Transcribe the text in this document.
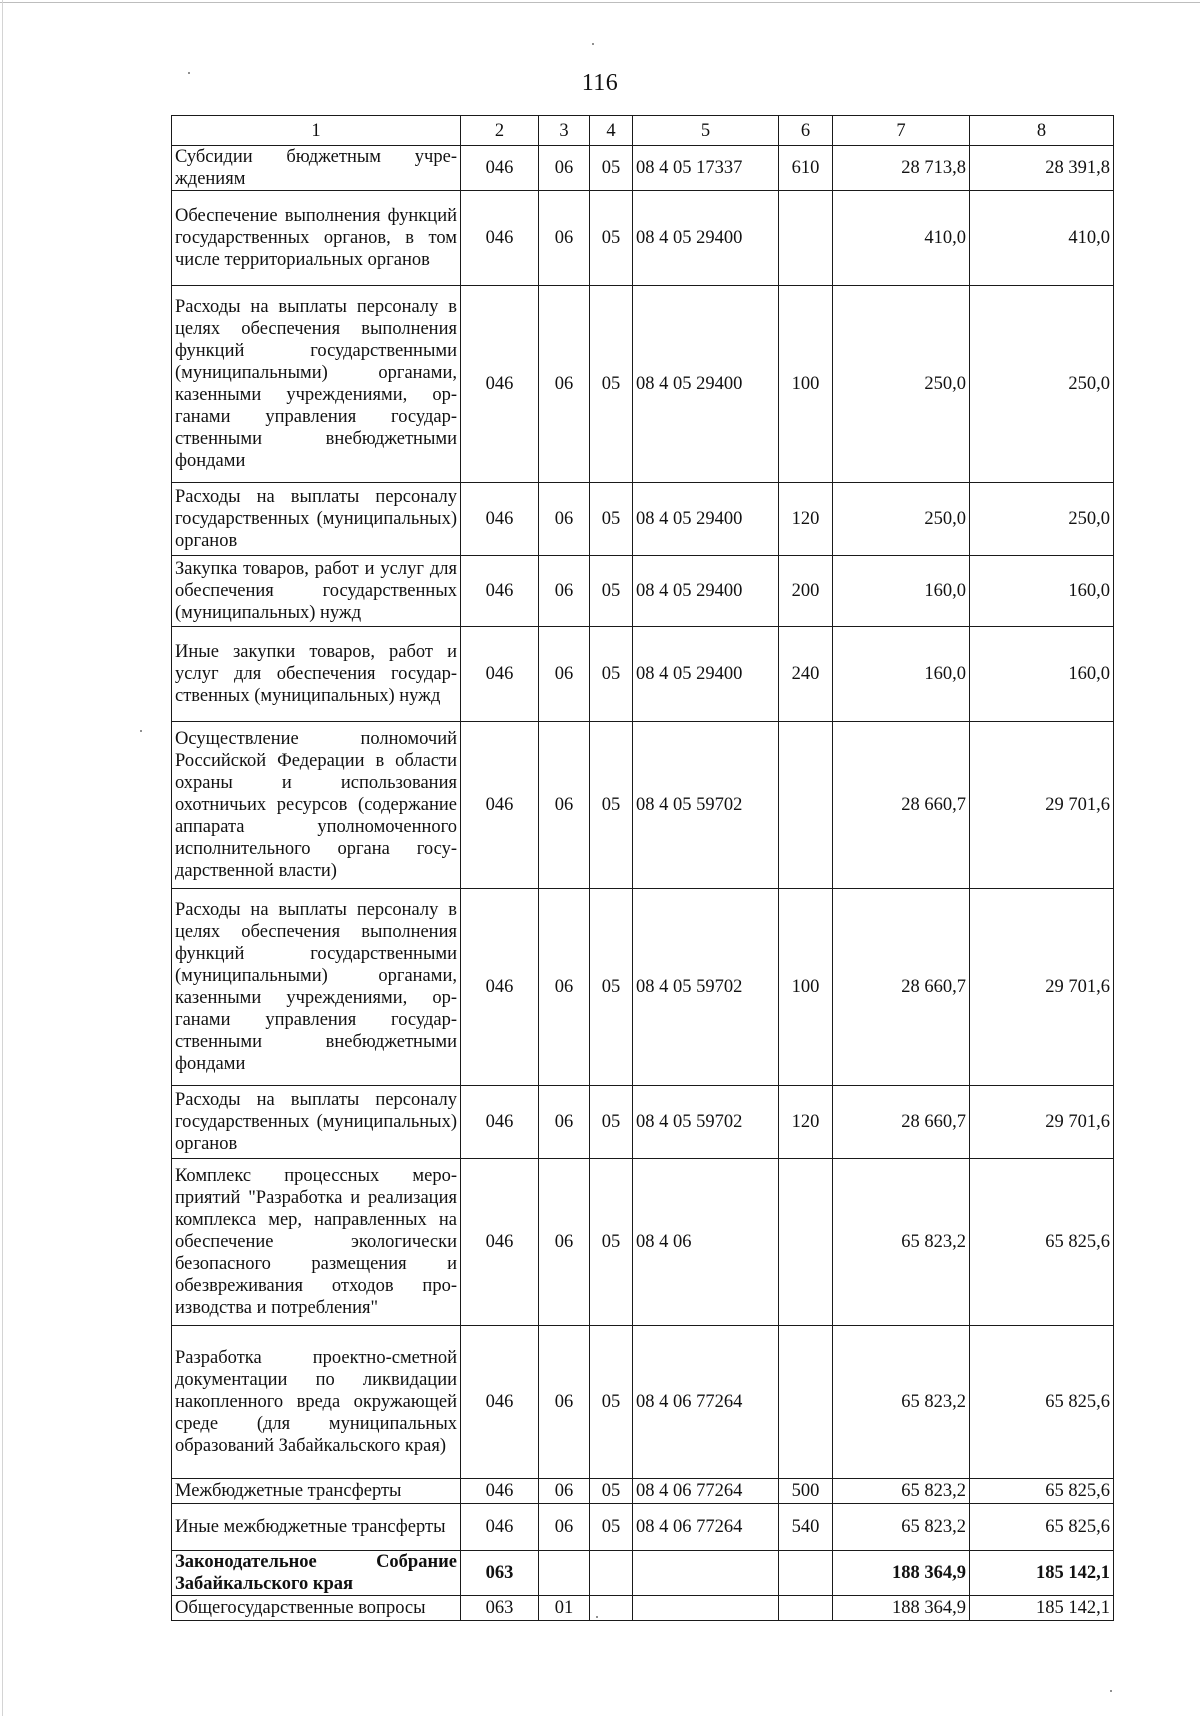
116
1	2	3	4	5	6	7	8
Субсидии бюджетным учреждениям	046	06	05	08 4 05 17337	610	28 713,8	28 391,8
Обеспечение выполнения функций государственных органов, в том числе территориальных органов	046	06	05	08 4 05 29400		410,0	410,0
Расходы на выплаты персоналу в целях обеспечения выполнения функций государственными (муниципальными) органами, казенными учреждениями, органами управления государственными внебюджетными фондами	046	06	05	08 4 05 29400	100	250,0	250,0
Расходы на выплаты персоналу государственных (муниципальных) органов	046	06	05	08 4 05 29400	120	250,0	250,0
Закупка товаров, работ и услуг для обеспечения государственных (муниципальных) нужд	046	06	05	08 4 05 29400	200	160,0	160,0
Иные закупки товаров, работ и услуг для обеспечения государственных (муниципальных) нужд	046	06	05	08 4 05 29400	240	160,0	160,0
Осуществление полномочий Российской Федерации в области охраны и использования охотничьих ресурсов (содержание аппарата уполномоченного исполнительного органа государственной власти)	046	06	05	08 4 05 59702		28 660,7	29 701,6
Расходы на выплаты персоналу в целях обеспечения выполнения функций государственными (муниципальными) органами, казенными учреждениями, органами управления государственными внебюджетными фондами	046	06	05	08 4 05 59702	100	28 660,7	29 701,6
Расходы на выплаты персоналу государственных (муниципальных) органов	046	06	05	08 4 05 59702	120	28 660,7	29 701,6
Комплекс процессных мероприятий "Разработка и реализация комплекса мер, направленных на обеспечение экологически безопасного размещения и обезвреживания отходов производства и потребления"	046	06	05	08 4 06		65 823,2	65 825,6
Разработка проектно-сметной документации по ликвидации накопленного вреда окружающей среде (для муниципальных образований Забайкальского края)	046	06	05	08 4 06 77264		65 823,2	65 825,6
Межбюджетные трансферты	046	06	05	08 4 06 77264	500	65 823,2	65 825,6
Иные межбюджетные трансферты	046	06	05	08 4 06 77264	540	65 823,2	65 825,6
Законодательное Собрание Забайкальского края	063					188 364,9	185 142,1
Общегосударственные вопросы	063	01				188 364,9	185 142,1
